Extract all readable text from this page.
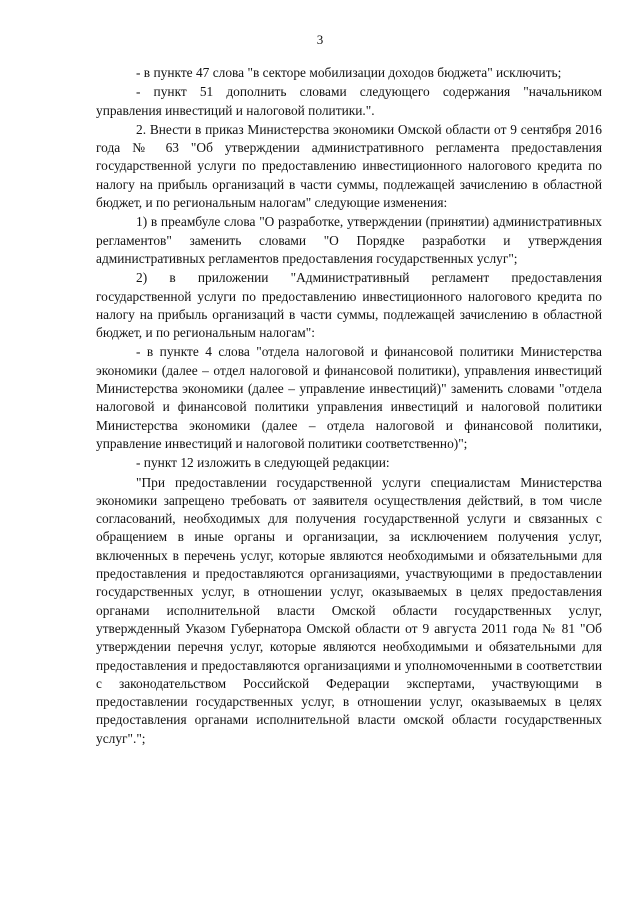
3

- в пункте 47 слова "в секторе мобилизации доходов бюджета" исключить;

- пункт 51 дополнить словами следующего содержания "начальником управления инвестиций и налоговой политики.".

2. Внести в приказ Министерства экономики Омской области от 9 сентября 2016 года № 63 "Об утверждении административного регламента предоставления государственной услуги по предоставлению инвестиционного налогового кредита по налогу на прибыль организаций в части суммы, подлежащей зачислению в областной бюджет, и по региональным налогам" следующие изменения:

1) в преамбуле слова "О разработке, утверждении (принятии) административных регламентов" заменить словами "О Порядке разработки и утверждения административных регламентов предоставления государственных услуг";

2) в приложении "Административный регламент предоставления государственной услуги по предоставлению инвестиционного налогового кредита по налогу на прибыль организаций в части суммы, подлежащей зачислению в областной бюджет, и по региональным налогам":

- в пункте 4 слова "отдела налоговой и финансовой политики Министерства экономики (далее – отдел налоговой и финансовой политики), управления инвестиций Министерства экономики (далее – управление инвестиций)" заменить словами "отдела налоговой и финансовой политики управления инвестиций и налоговой политики Министерства экономики (далее – отдела налоговой и финансовой политики, управление инвестиций и налоговой политики соответственно)";

- пункт 12 изложить в следующей редакции:

"При предоставлении государственной услуги специалистам Министерства экономики запрещено требовать от заявителя осуществления действий, в том числе согласований, необходимых для получения государственной услуги и связанных с обращением в иные органы и организации, за исключением получения услуг, включенных в перечень услуг, которые являются необходимыми и обязательными для предоставления и предоставляются организациями, участвующими в предоставлении государственных услуг, в отношении услуг, оказываемых в целях предоставления органами исполнительной власти Омской области государственных услуг, утвержденный Указом Губернатора Омской области от 9 августа 2011 года № 81 "Об утверждении перечня услуг, которые являются необходимыми и обязательными для предоставления и предоставляются организациями и уполномоченными в соответствии с законодательством Российской Федерации экспертами, участвующими в предоставлении государственных услуг, в отношении услуг, оказываемых в целях предоставления органами исполнительной власти омской области государственных услуг".";
